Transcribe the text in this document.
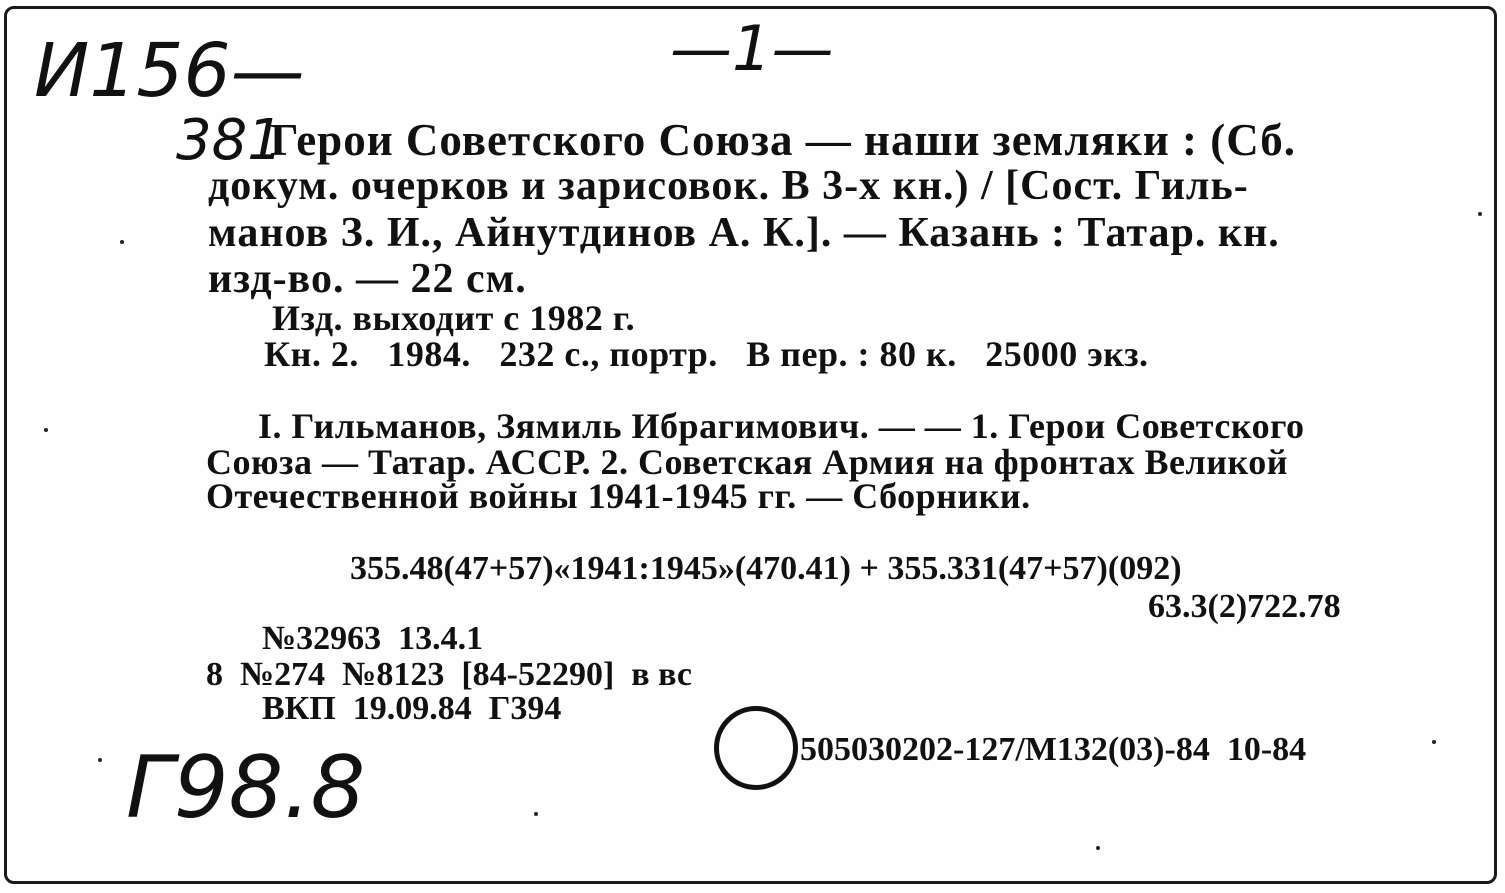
И156—	—1—
381
Г98.8
Герои Советского Союза — наши земляки : (Сб.
докум. очерков и зарисовок. В 3-х кн.) / [Сост. Гиль-
манов З. И., Айнутдинов А. К.]. — Казань : Татар. кн.
изд-во. — 22 см.
Изд. выходит с 1982 г.
Кн. 2.   1984.   232 с., портр.   В пер. : 80 к.   25000 экз.
I. Гильманов, Зямиль Ибрагимович. — — 1. Герои Советского
Союза — Татар. АССР. 2. Советская Армия на фронтах Великой
Отечественной войны 1941-1945 гг. — Сборники.
355.48(47+57)«1941:1945»(470.41) + 355.331(47+57)(092)
63.3(2)722.78
№32963  13.4.1
8  №274  №8123  [84-52290]  в вс
ВКП  19.09.84  Г394
505030202-127/М132(03)-84  10-84
